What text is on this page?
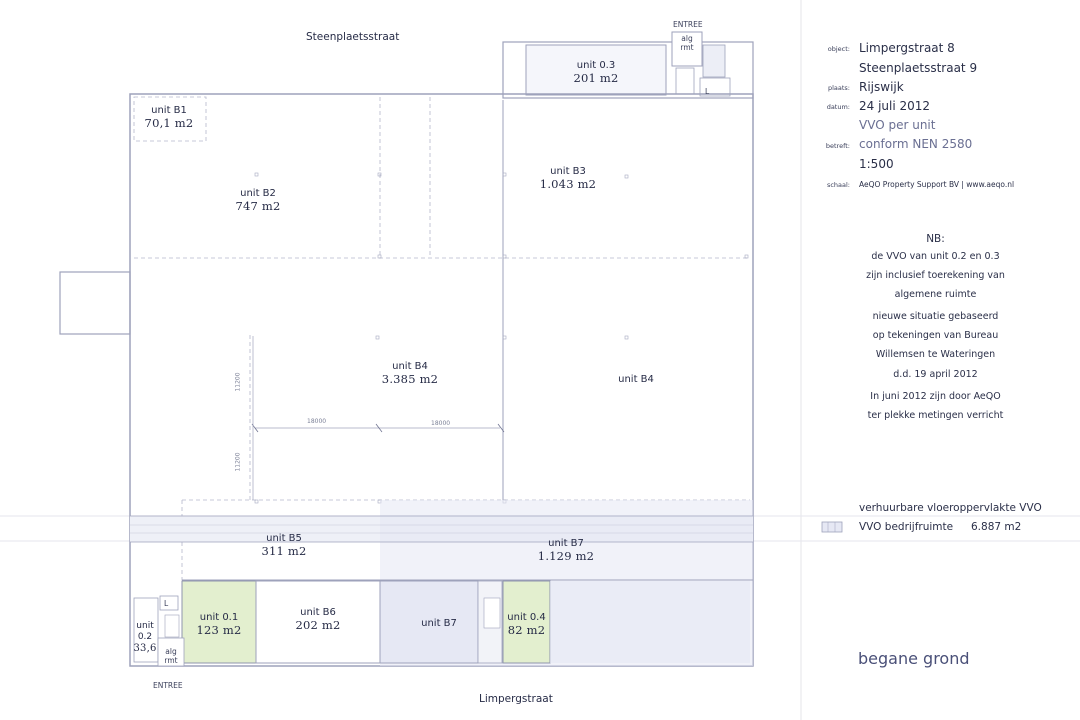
Steenplaetsstraat
Limpergstraat
ENTREE
ENTREE
alg
rmt
alg
rmt
L
L
unit 0.3
201 m2
unit B1
70,1 m2
unit B2
747 m2
unit B3
1.043 m2
unit B4
3.385 m2	unit B4
unit B5
311 m2
unit B7
1.129 m2
unit 0.1
123 m2
unit B6
202 m2	unit B7
unit 0.4
82 m2
unit
0.2
33,6
18000	18000
11200
11200
object: Limpergstraat 8
Steenplaetsstraat 9
plaats: Rijswijk
datum: 24 juli 2012
VVO per unit
betreft: conform NEN 2580
1:500
schaal: AeQO Property Support BV | www.aeqo.nl
NB:
de VVO van unit 0.2 en 0.3
zijn inclusief toerekening van
algemene ruimte
nieuwe situatie gebaseerd
op tekeningen van Bureau
Willemsen te Wateringen
d.d. 19 april 2012
In juni 2012 zijn door AeQO
ter plekke metingen verricht
verhuurbare vloeroppervlakte VVO
VVO bedrijfruimte 6.887 m2
begane grond
